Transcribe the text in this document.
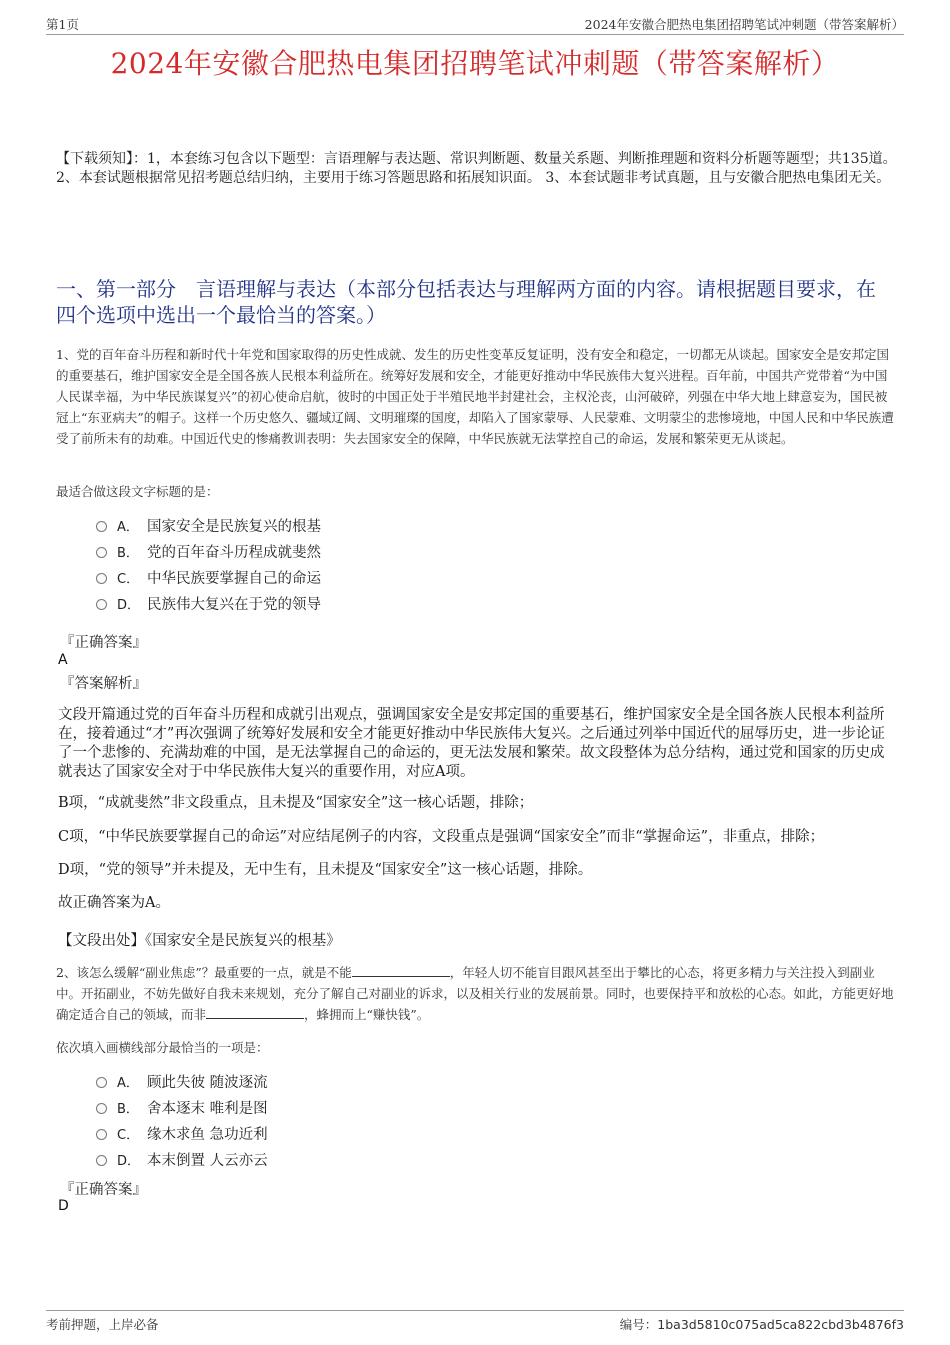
第1页	2024年安徽合肥热电集团招聘笔试冲刺题（带答案解析）
2024年安徽合肥热电集团招聘笔试冲刺题（带答案解析）
【下载须知】：1，本套练习包含以下题型：言语理解与表达题、常识判断题、数量关系题、判断推理题和资料分析题等题型；共135道。 2、本套试题根据常见招考题总结归纳，主要用于练习答题思路和拓展知识面。 3、本套试题非考试真题，且与安徽合肥热电集团无关。
一、第一部分　言语理解与表达（本部分包括表达与理解两方面的内容。请根据题目要求，在四个选项中选出一个最恰当的答案。）
1、党的百年奋斗历程和新时代十年党和国家取得的历史性成就、发生的历史性变革反复证明，没有安全和稳定，一切都无从谈起。国家安全是安邦定国的重要基石，维护国家安全是全国各族人民根本利益所在。统筹好发展和安全，才能更好推动中华民族伟大复兴进程。百年前，中国共产党带着“为中国人民谋幸福，为中华民族谋复兴”的初心使命启航，彼时的中国正处于半殖民地半封建社会，主权沦丧，山河破碎，列强在中华大地上肆意妄为，国民被冠上“东亚病夫”的帽子。这样一个历史悠久、疆域辽阔、文明璀璨的国度，却陷入了国家蒙辱、人民蒙难、文明蒙尘的悲惨境地，中国人民和中华民族遭受了前所未有的劫难。中国近代史的惨痛教训表明：失去国家安全的保障，中华民族就无法掌控自己的命运，发展和繁荣更无从谈起。
最适合做这段文字标题的是：
A． 国家安全是民族复兴的根基
B． 党的百年奋斗历程成就斐然
C． 中华民族要掌握自己的命运
D． 民族伟大复兴在于党的领导
『正确答案』
A
『答案解析』
文段开篇通过党的百年奋斗历程和成就引出观点，强调国家安全是安邦定国的重要基石，维护国家安全是全国各族人民根本利益所在，接着通过“才”再次强调了统筹好发展和安全才能更好推动中华民族伟大复兴。之后通过列举中国近代的屈辱历史，进一步论证了一个悲惨的、充满劫难的中国，是无法掌握自己的命运的，更无法发展和繁荣。故文段整体为总分结构，通过党和国家的历史成就表达了国家安全对于中华民族伟大复兴的重要作用，对应A项。
B项，“成就斐然”非文段重点，且未提及“国家安全”这一核心话题，排除；
C项，“中华民族要掌握自己的命运”对应结尾例子的内容，文段重点是强调“国家安全”而非“掌握命运”，非重点，排除；
D项，“党的领导”并未提及，无中生有，且未提及“国家安全”这一核心话题，排除。
故正确答案为A。
【文段出处】《国家安全是民族复兴的根基》
2、该怎么缓解“副业焦虑”？最重要的一点，就是不能	，年轻人切不能盲目跟风甚至出于攀比的心态，将更多精力与关注投入到副业中。开拓副业，不妨先做好自我未来规划，充分了解自己对副业的诉求，以及相关行业的发展前景。同时，也要保持平和放松的心态。如此，方能更好地确定适合自己的领域，而非	，蜂拥而上“赚快钱”。
依次填入画横线部分最恰当的一项是：
A． 顾此失彼 随波逐流
B． 舍本逐末 唯利是图
C． 缘木求鱼 急功近利
D． 本末倒置 人云亦云
『正确答案』
D
考前押题，上岸必备	编号：1ba3d5810c075ad5ca822cbd3b4876f3
